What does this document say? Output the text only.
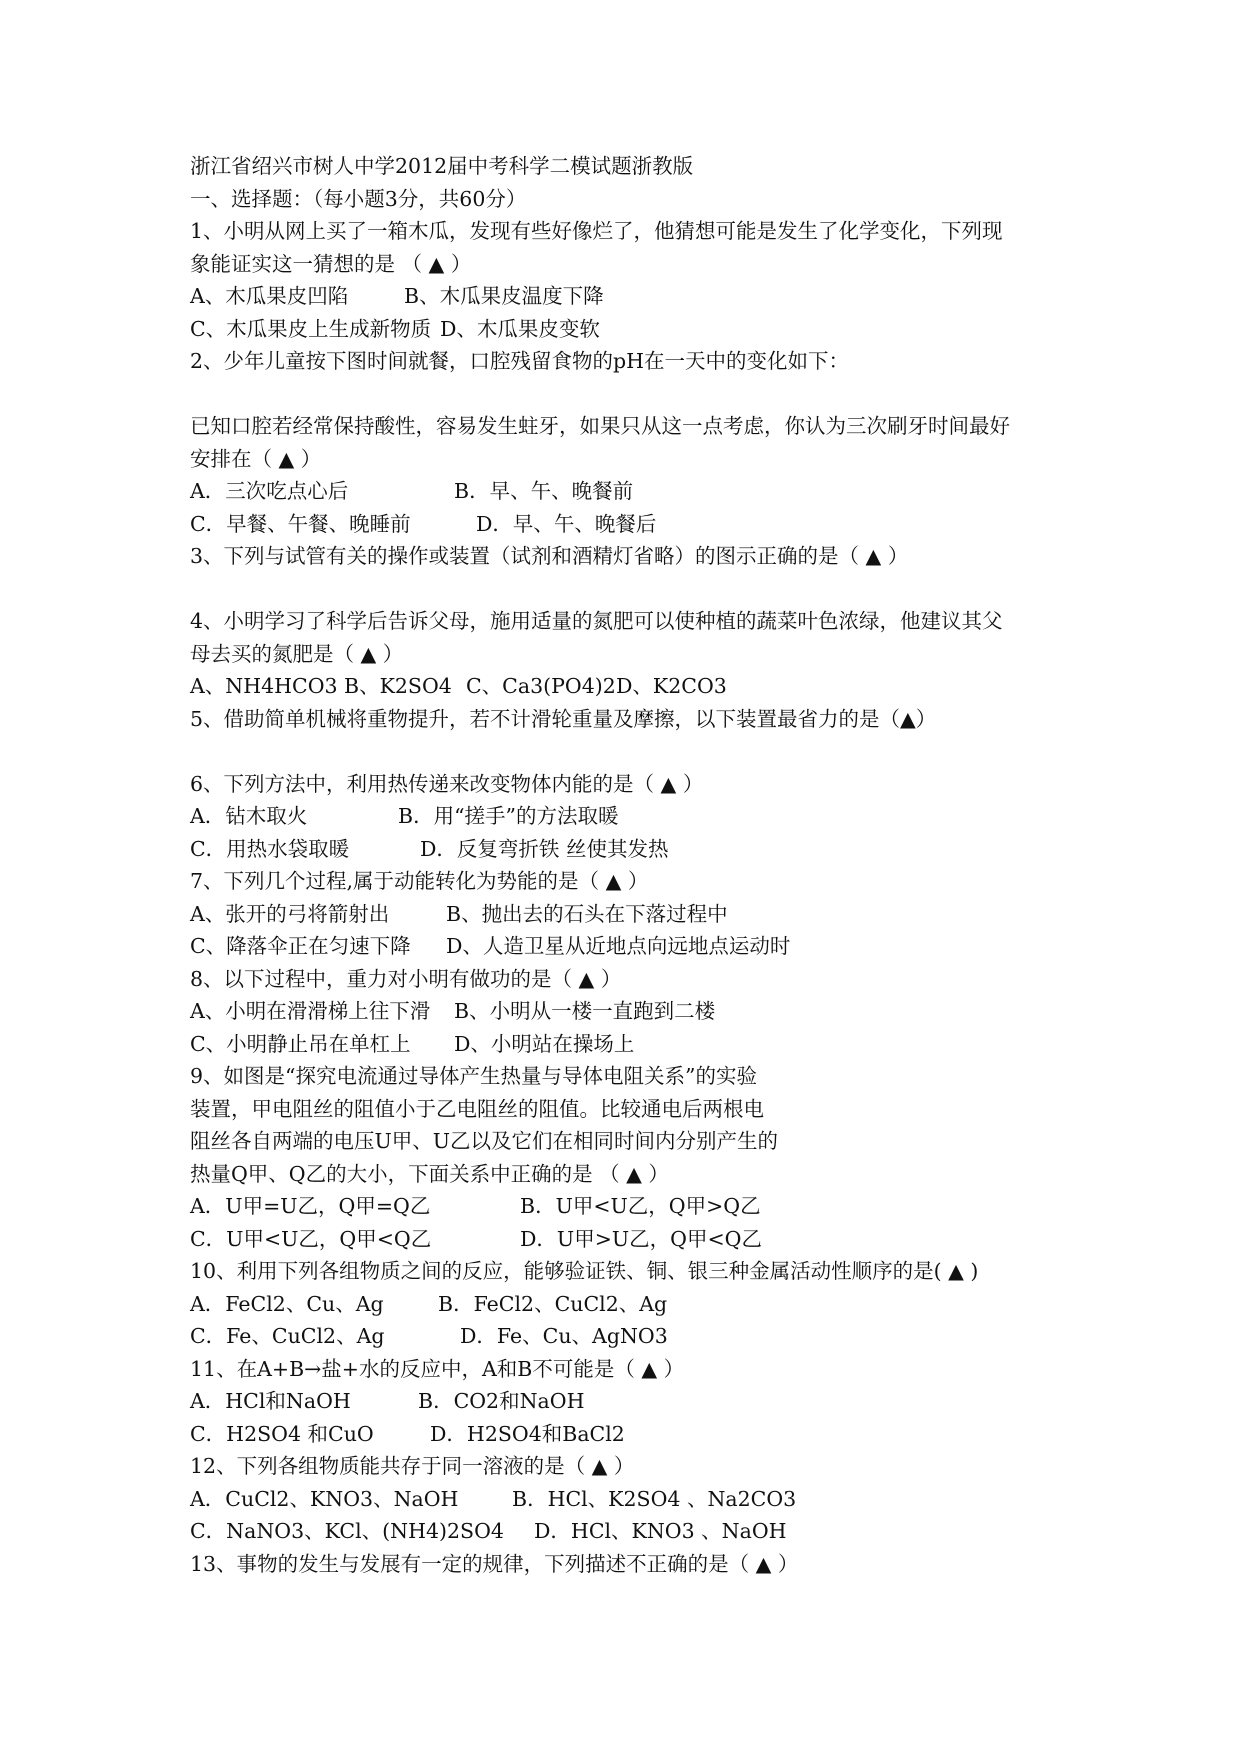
浙江省绍兴市树人中学2012届中考科学二模试题浙教版
一、选择题：（每小题3分，共60分）
1、小明从网上买了一箱木瓜，发现有些好像烂了，他猜想可能是发生了化学变化，下列现
象能证实这一猜想的是 （ ▲ ）
A、木瓜果皮凹陷	B、木瓜果皮温度下降
C、木瓜果皮上生成新物质 D、木瓜果皮变软
2、少年儿童按下图时间就餐，口腔残留食物的pH在一天中的变化如下：
已知口腔若经常保持酸性，容易发生蛀牙，如果只从这一点考虑，你认为三次刷牙时间最好
安排在（ ▲ ）
A．三次吃点心后	B．早、午、晚餐前
C．早餐、午餐、晚睡前	D．早、午、晚餐后
3、下列与试管有关的操作或装置（试剂和酒精灯省略）的图示正确的是（ ▲ ）
4、小明学习了科学后告诉父母，施用适量的氮肥可以使种植的蔬菜叶色浓绿，他建议其父
母去买的氮肥是（ ▲ ）
A、NH4HCO3 B、K2SO4 C、Ca3(PO4)2D、K2CO3
5、借助简单机械将重物提升，若不计滑轮重量及摩擦，以下装置最省力的是（▲）
6、下列方法中，利用热传递来改变物体内能的是（ ▲ ）
A．钻木取火	B．用“搓手”的方法取暖
C．用热水袋取暖	D．反复弯折铁 丝使其发热
7、下列几个过程,属于动能转化为势能的是（ ▲ ）
A、张开的弓将箭射出	B、抛出去的石头在下落过程中
C、降落伞正在匀速下降 D、人造卫星从近地点向远地点运动时
8、以下过程中，重力对小明有做功的是（ ▲ ）
A、小明在滑滑梯上往下滑 B、小明从一楼一直跑到二楼
C、小明静止吊在单杠上 D、小明站在操场上
9、如图是“探究电流通过导体产生热量与导体电阻关系”的实验
装置，甲电阻丝的阻值小于乙电阻丝的阻值。比较通电后两根电
阻丝各自两端的电压U甲、U乙以及它们在相同时间内分别产生的
热量Q甲、Q乙的大小，下面关系中正确的是 （ ▲ ）
A．U甲=U乙，Q甲=Q乙	B．U甲<U乙，Q甲>Q乙
C．U甲<U乙，Q甲<Q乙	D．U甲>U乙，Q甲<Q乙
10、利用下列各组物质之间的反应，能够验证铁、铜、银三种金属活动性顺序的是( ▲ )
A．FeCl2、Cu、Ag	B．FeCl2、CuCl2、Ag
C．Fe、CuCl2、Ag	D．Fe、Cu、AgNO3
11、在A+B→盐+水的反应中，A和B不可能是（ ▲ ）
A．HCl和NaOH	B．CO2和NaOH
C．H2SO4 和CuO	D．H2SO4和BaCl2
12、下列各组物质能共存于同一溶液的是（ ▲ ）
A．CuCl2、KNO3、NaOH	B．HCl、K2SO4 、Na2CO3
C．NaNO3、KCl、(NH4)2SO4 D．HCl、KNO3 、NaOH
13、事物的发生与发展有一定的规律，下列描述不正确的是（ ▲ ）
